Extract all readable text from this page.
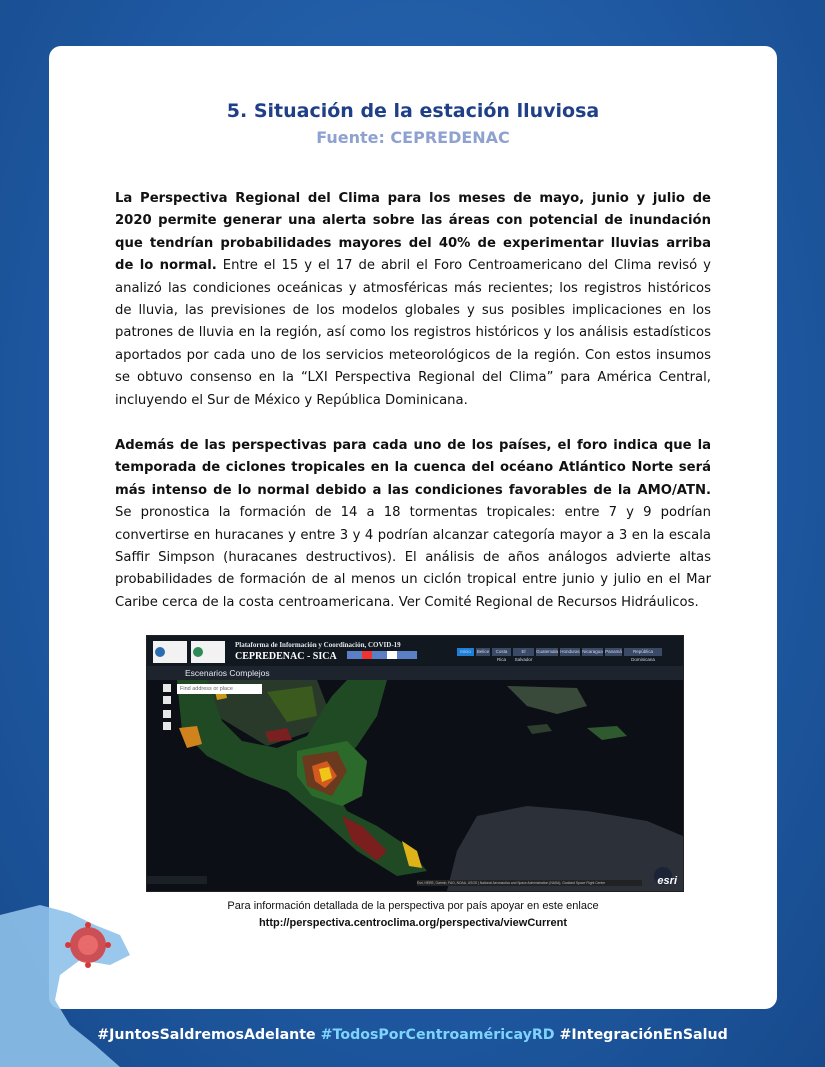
5. Situación de la estación lluviosa
Fuente: CEPREDENAC

La Perspectiva Regional del Clima para los meses de mayo, junio y julio de 2020 permite generar una alerta sobre las áreas con potencial de inundación que tendrían probabilidades mayores del 40% de experimentar lluvias arriba de lo normal. Entre el 15 y el 17 de abril el Foro Centroamericano del Clima revisó y analizó las condiciones oceánicas y atmosféricas más recientes; los registros históricos de lluvia, las previsiones de los modelos globales y sus posibles implicaciones en los patrones de lluvia en la región, así como los registros históricos y los análisis estadísticos aportados por cada uno de los servicios meteorológicos de la región. Con estos insumos se obtuvo consenso en la “LXI Perspectiva Regional del Clima” para América Central, incluyendo el Sur de México y República Dominicana.

Además de las perspectivas para cada uno de los países, el foro indica que la temporada de ciclones tropicales en la cuenca del océano Atlántico Norte será más intenso de lo normal debido a las condiciones favorables de la AMO/ATN. Se pronostica la formación de 14 a 18 tormentas tropicales: entre 7 y 9 podrían convertirse en huracanes y entre 3 y 4 podrían alcanzar categoría mayor a 3 en la escala Saffir Simpson (huracanes destructivos). El análisis de años análogos advierte altas probabilidades de formación de al menos un ciclón tropical entre junio y julio en el Mar Caribe cerca de la costa centroamericana. Ver Comité Regional de Recursos Hidráulicos.

Plataforma de Información y Coordinación, COVID-19
CEPREDENAC - SICA	Inicio	Belice	Costa Rica
El Salvador
Guatemala Honduras Nicaragua Panamá	República Dominicana
Escenarios Complejos
Find address or place
Esri, HERE, Garmin, FAO, NOAA, USGS | National Aeronautics and Space Administration (NASA), Goddard Space Flight Center	esri
Para información detallada de la perspectiva por país apoyar en este enlace
http://perspectiva.centroclima.org/perspectiva/viewCurrent
#JuntosSaldremosAdelante #TodosPorCentroaméricayRD #IntegraciónEnSalud
